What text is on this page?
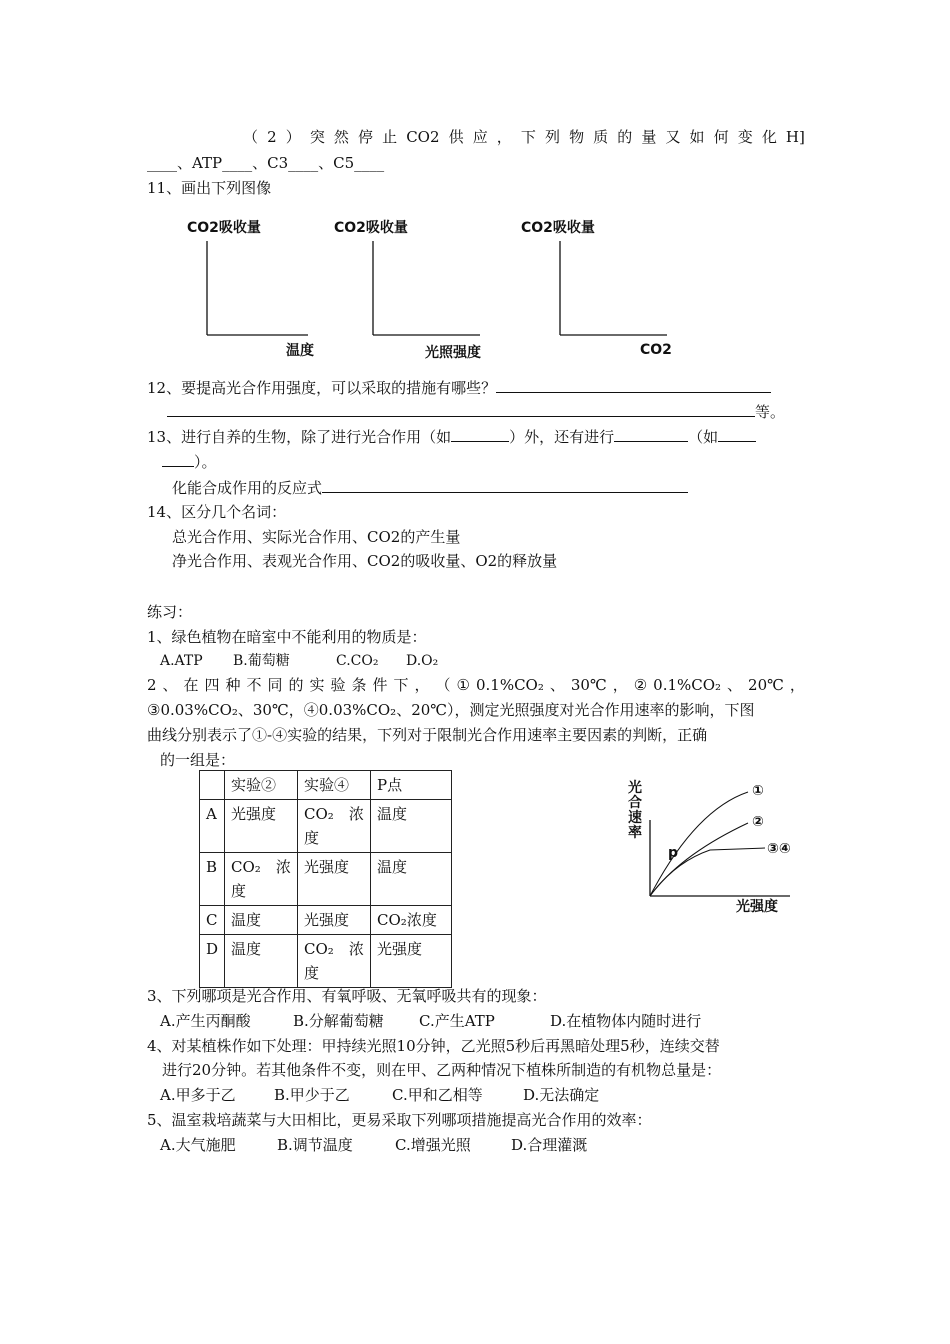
（ 2 ） 突 然 停 止 CO2 供 应 ， 下 列 物 质 的 量 又 如 何 变 化 H]
____、ATP____、C3____、C5____
11、画出下列图像
CO2吸收量
温度
CO2吸收量
光照强度
CO2吸收量
CO2
12、要提高光合作用强度，可以采取的措施有哪些？
等。
13、进行自养的生物，除了进行光合作用（如	）外，还有进行	（如
）。
化能合成作用的反应式
14、区分几个名词：
总光合作用、实际光合作用、CO2的产生量
净光合作用、表观光合作用、CO2的吸收量、O2的释放量
练习：
1、绿色植物在暗室中不能利用的物质是：
A.ATP B.葡萄糖	C.CO₂ D.O₂
2 、 在 四 种 不 同 的 实 验 条 件 下 ， （ ① 0.1%CO₂ 、 30℃ ， ② 0.1%CO₂ 、 20℃ ，
③0.03%CO₂、30℃，④0.03%CO₂、20℃），测定光照强度对光合作用速率的影响，下图
曲线分别表示了①-④实验的结果，下列对于限制光合作用速率主要因素的判断，正确
的一组是：
	实验②	实验④	P点
A	光强度	CO₂　浓度	温度
B	CO₂　浓度	光强度	温度
C	温度	光强度	CO₂浓度
D	温度	CO₂　浓度	光强度
光
合
速
率
光强度
p
①
②
③④
3、下列哪项是光合作用、有氧呼吸、无氧呼吸共有的现象：
A.产生丙酮酸	B.分解葡萄糖 C.产生ATP	D.在植物体内随时进行
4、对某植株作如下处理：甲持续光照10分钟，乙光照5秒后再黑暗处理5秒，连续交替
进行20分钟。若其他条件不变，则在甲、乙两种情况下植株所制造的有机物总量是：
A.甲多于乙	B.甲少于乙	C.甲和乙相等	D.无法确定
5、温室栽培蔬菜与大田相比，更易采取下列哪项措施提高光合作用的效率：
A.大气施肥	B.调节温度	C.增强光照	D.合理灌溉
